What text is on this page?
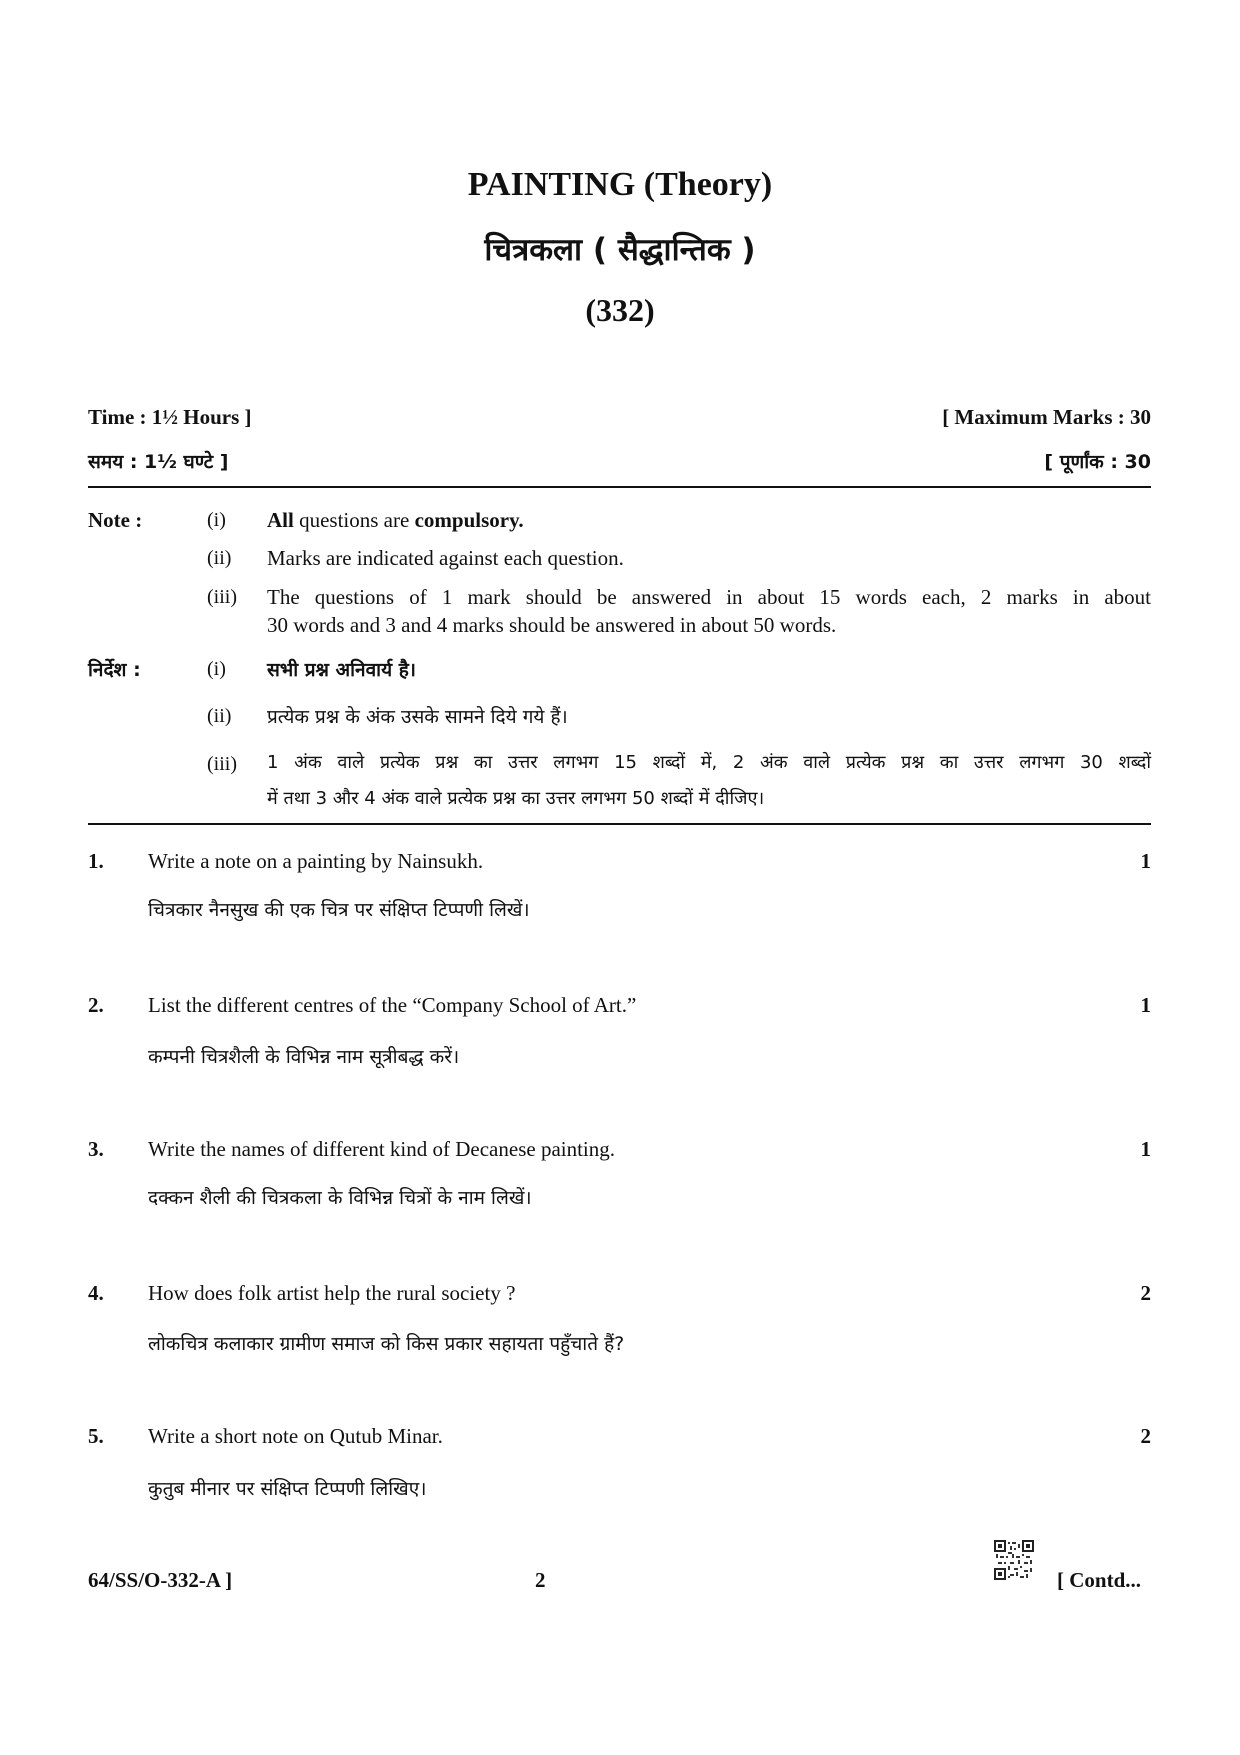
PAINTING (Theory)
चित्रकला ( सैद्धान्तिक )
(332)
Time : 1½ Hours ]	[ Maximum Marks : 30
समय : 1½ घण्टे ]	[ पूर्णांक : 30
Note :	(i) All questions are compulsory.
(ii) Marks are indicated against each question.
(iii) The questions of 1 mark should be answered in about 15 words each, 2 marks in about
30 words and 3 and 4 marks should be answered in about 50 words.
निर्देश :	(i) सभी प्रश्न अनिवार्य है।
(ii) प्रत्येक प्रश्न के अंक उसके सामने दिये गये हैं।
(iii) 1 अंक वाले प्रत्येक प्रश्न का उत्तर लगभग 15 शब्दों में, 2 अंक वाले प्रत्येक प्रश्न का उत्तर लगभग 30 शब्दों
में तथा 3 और 4 अंक वाले प्रत्येक प्रश्न का उत्तर लगभग 50 शब्दों में दीजिए।
1. Write a note on a painting by Nainsukh.	1
चित्रकार नैनसुख की एक चित्र पर संक्षिप्त टिप्पणी लिखें।
2. List the different centres of the “Company School of Art.”	1
कम्पनी चित्रशैली के विभिन्न नाम सूत्रीबद्ध करें।
3. Write the names of different kind of Decanese painting.	1
दक्कन शैली की चित्रकला के विभिन्न चित्रों के नाम लिखें।
4. How does folk artist help the rural society ?	2
लोकचित्र कलाकार ग्रामीण समाज को किस प्रकार सहायता पहुँचाते हैं?
5. Write a short note on Qutub Minar.	2
कुतुब मीनार पर संक्षिप्त टिप्पणी लिखिए।
64/SS/O-332-A ]	2	[ Contd...
